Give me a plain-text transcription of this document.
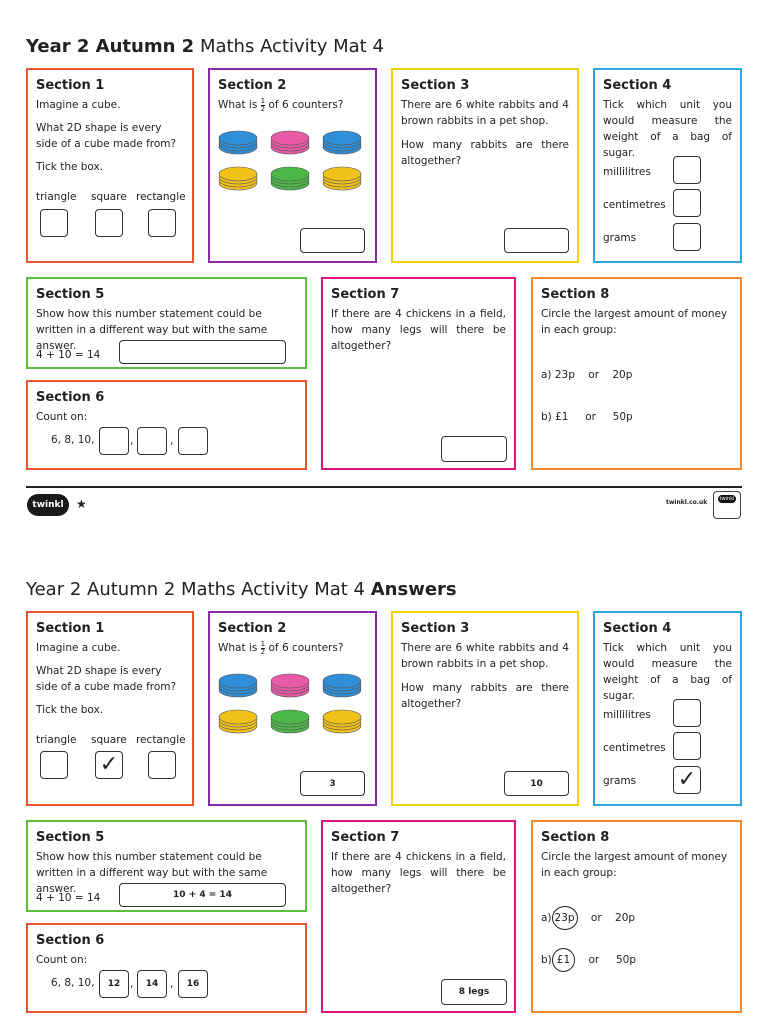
Year 2 Autumn 2 Maths Activity Mat 4
Section 1
Imagine a cube.
What 2D shape is every side of a cube made from?
Tick the box.
triangle square rectangle
Section 2
What is $\frac{1}{2}$ of 6 counters?
Section 3
There are 6 white rabbits and 4 brown rabbits in a pet shop.
How many rabbits are there altogether?
Section 4
Tick which unit you would measure the weight of a bag of sugar.
millilitres
centimetres
grams
Section 5
Show how this number statement could be written in a different way but with the same answer.
4 + 10 = 14
Section 6
Count on:
6, 8, 10,	,	,
Section 7
If there are 4 chickens in a field, how many legs will there be altogether?
Section 8
Circle the largest amount of money in each group:
a) 23p or 20p
b) £1 or 50p
twinkl ★	twinkl.co.uk	twinkl
Year 2 Autumn 2 Maths Activity Mat 4 Answers
Section 1
Imagine a cube.
What 2D shape is every side of a cube made from?
Tick the box.
triangle square rectangle
✓
Section 2
What is $\frac{1}{2}$ of 6 counters?
3
Section 3
There are 6 white rabbits and 4 brown rabbits in a pet shop.
How many rabbits are there altogether?
10
Section 4
Tick which unit you would measure the weight of a bag of sugar.
millilitres
centimetres
grams ✓
Section 5
Show how this number statement could be written in a different way but with the same answer.
4 + 10 = 14	10 + 4 = 14
Section 6
Count on:
6, 8, 10,	12 ,	14	,	16
Section 7
If there are 4 chickens in a field, how many legs will there be altogether?
8 legs
Section 8
Circle the largest amount of money in each group:
a) 23p or 20p
b) £1 or 50p
